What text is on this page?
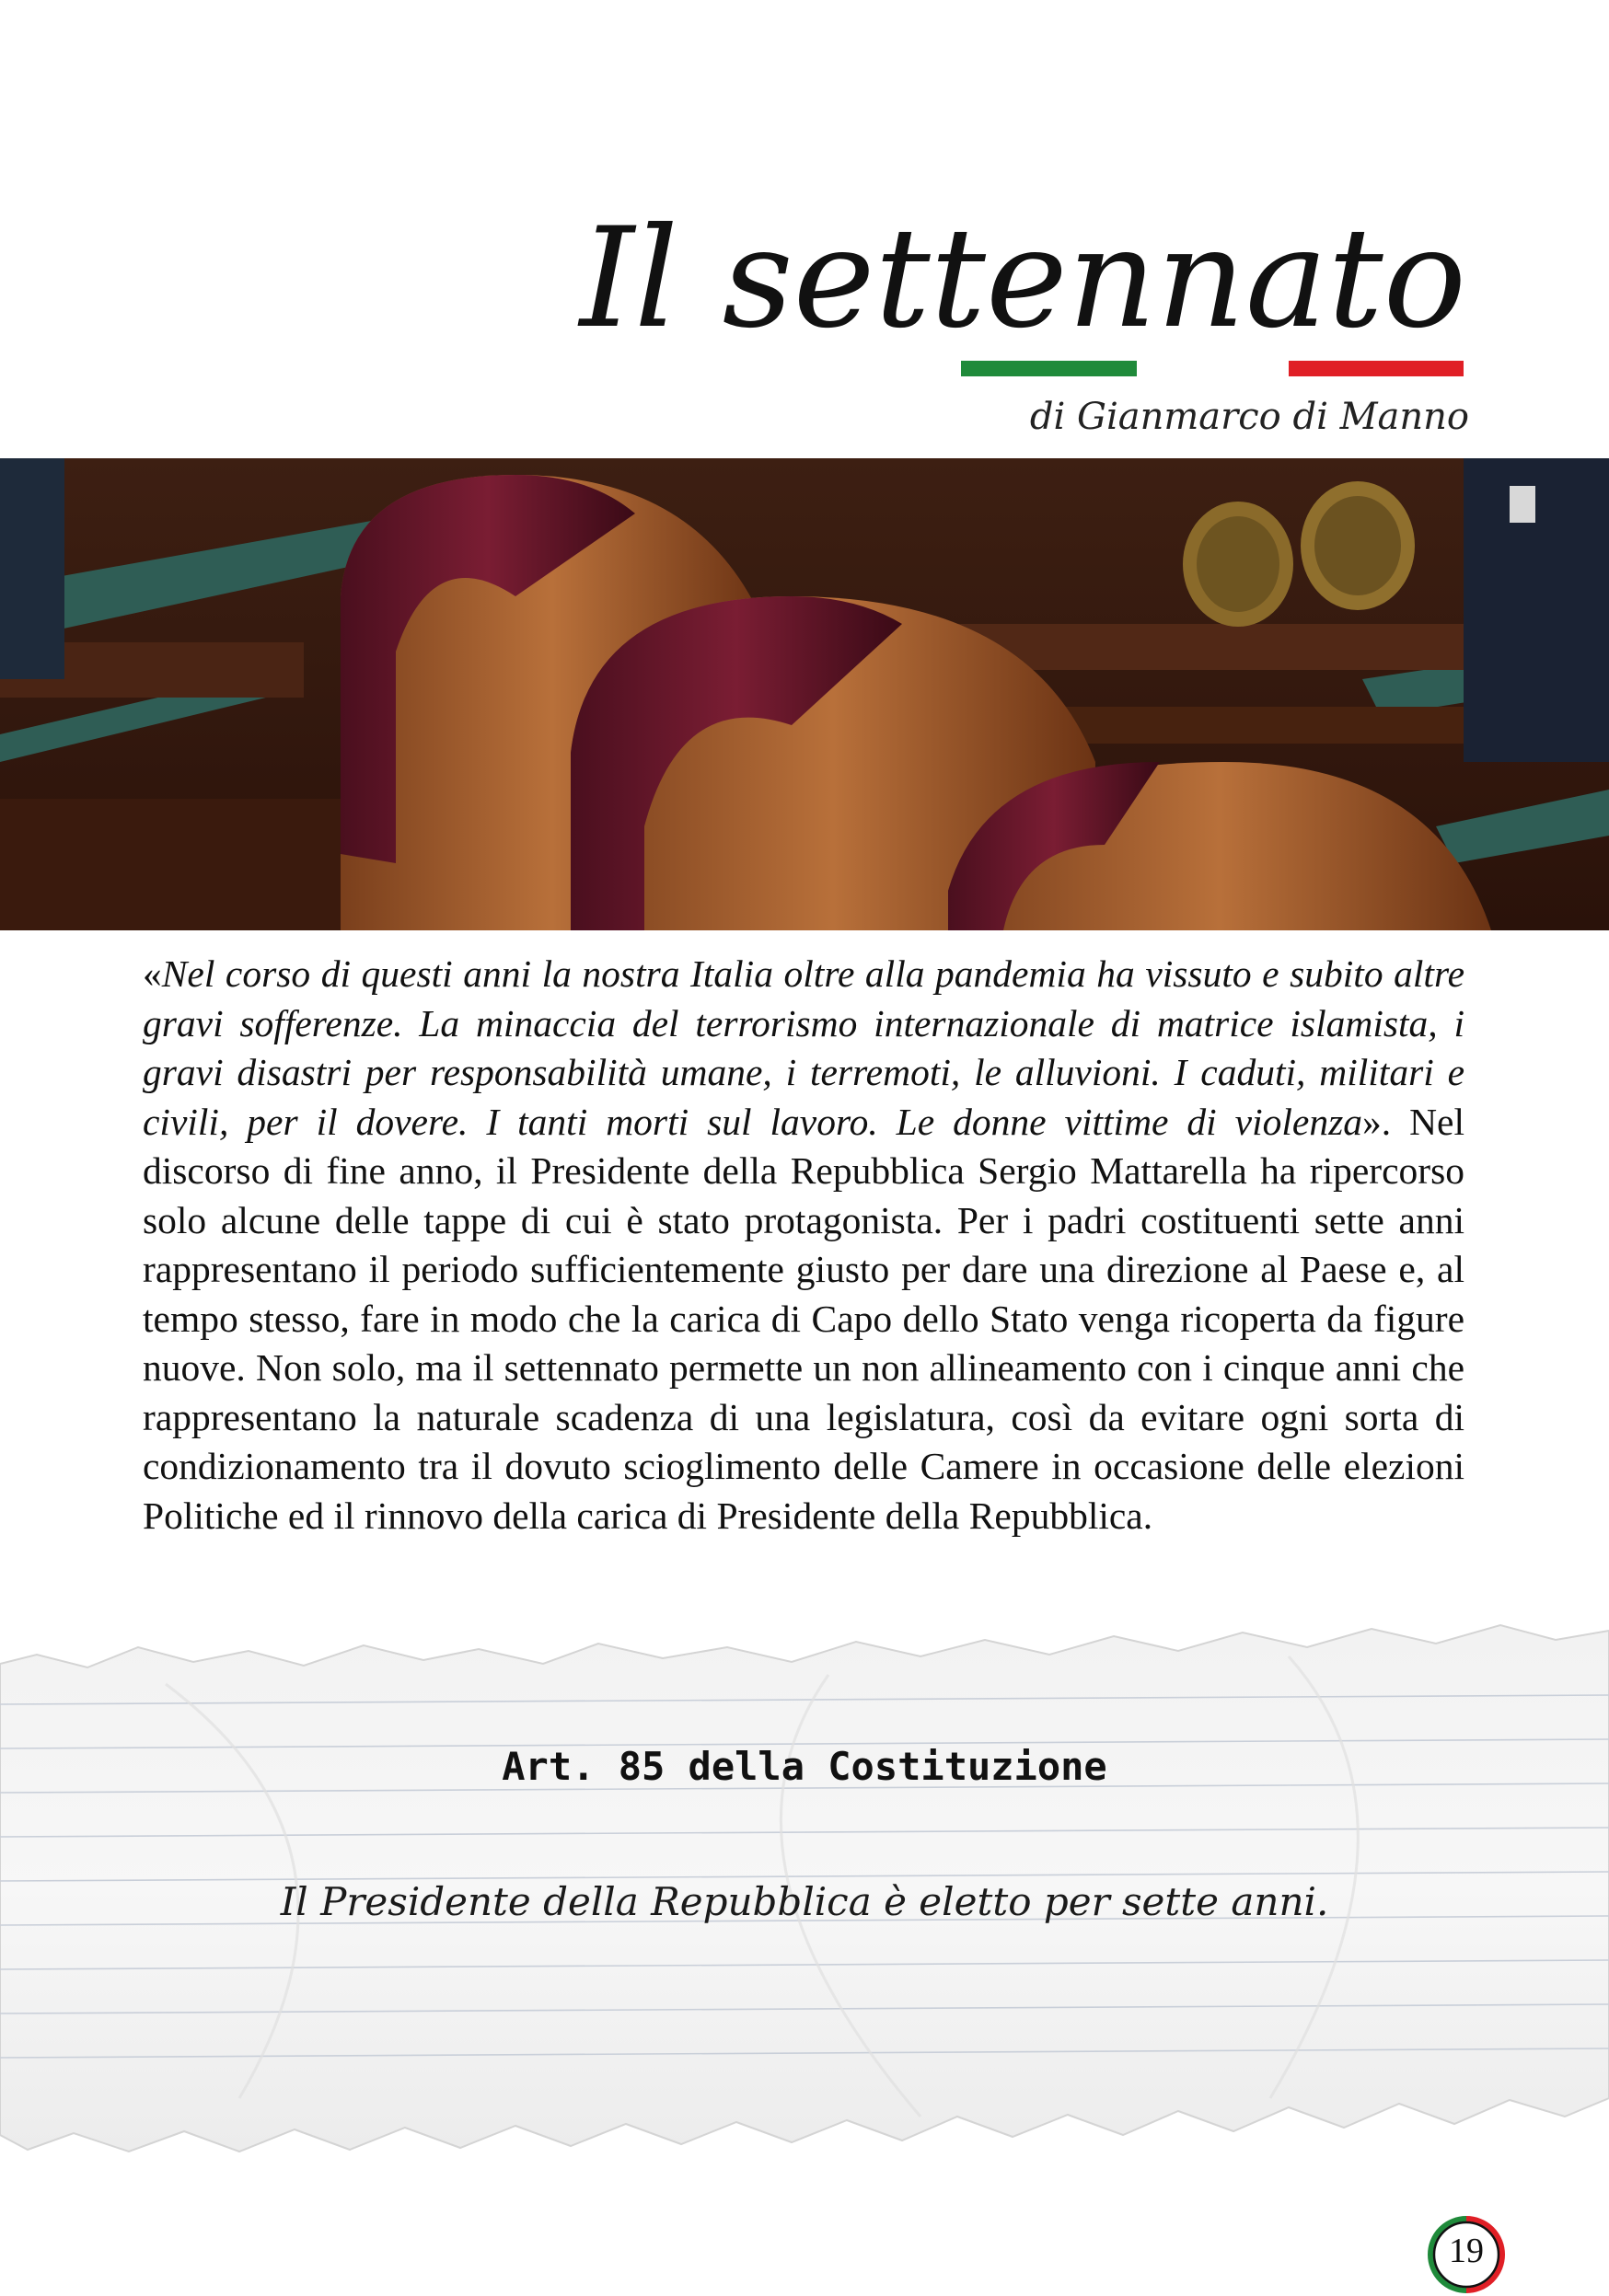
Il settennato
di Gianmarco di Manno

«Nel corso di questi anni la nostra Italia oltre alla pandemia ha vissuto e subito altre gravi sofferenze. La minaccia del terrorismo internazionale di matrice islamista, i gravi disastri per responsabilità umane, i terremoti, le alluvioni. I caduti, militari e civili, per il dovere. I tanti morti sul lavoro. Le donne vittime di violenza». Nel discorso di fine anno, il Presidente della Repubblica Sergio Mattarella ha ripercorso solo alcune delle tappe di cui è stato protagonista. Per i padri costituenti sette anni rappresentano il periodo sufficientemente giusto per dare una direzione al Paese e, al tempo stesso, fare in modo che la carica di Capo dello Stato venga ricoperta da figure nuove. Non solo, ma il settennato permette un non allineamento con i cinque anni che rappresentano la naturale scadenza di una legislatura, così da evitare ogni sorta di condizionamento tra il dovuto scioglimento delle Camere in occasione delle elezioni Politiche ed il rinnovo della carica di Presidente della Repubblica.

Art. 85 della Costituzione
Il Presidente della Repubblica è eletto per sette anni.
19
